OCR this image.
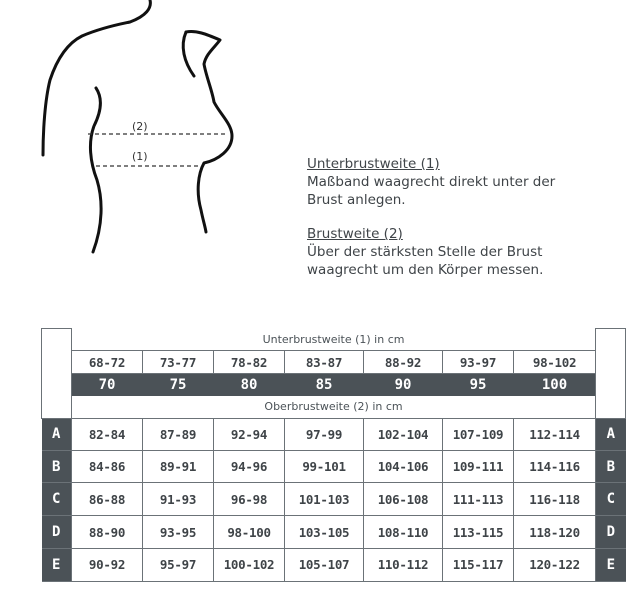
(2)
(1)	Unterbrustweite (1)
Maßband waagrecht direkt unter der
Brust anlegen.
Brustweite (2)
Über der stärksten Stelle der Brust
waagrecht um den Körper messen.
	Unterbrustweite (1) in cm							
	68-72	73-77	78-82	83-87	88-92	93-97	98-102	
	70	75	80	85	90	95	100	
	Oberbrustweite (2) in cm							
A	82-84	87-89	92-94	97-99	102-104	107-109	112-114	A
B	84-86	89-91	94-96	99-101	104-106	109-111	114-116	B
C	86-88	91-93	96-98	101-103	106-108	111-113	116-118	C
D	88-90	93-95	98-100	103-105	108-110	113-115	118-120	D
E	90-92	95-97	100-102	105-107	110-112	115-117	120-122	E
